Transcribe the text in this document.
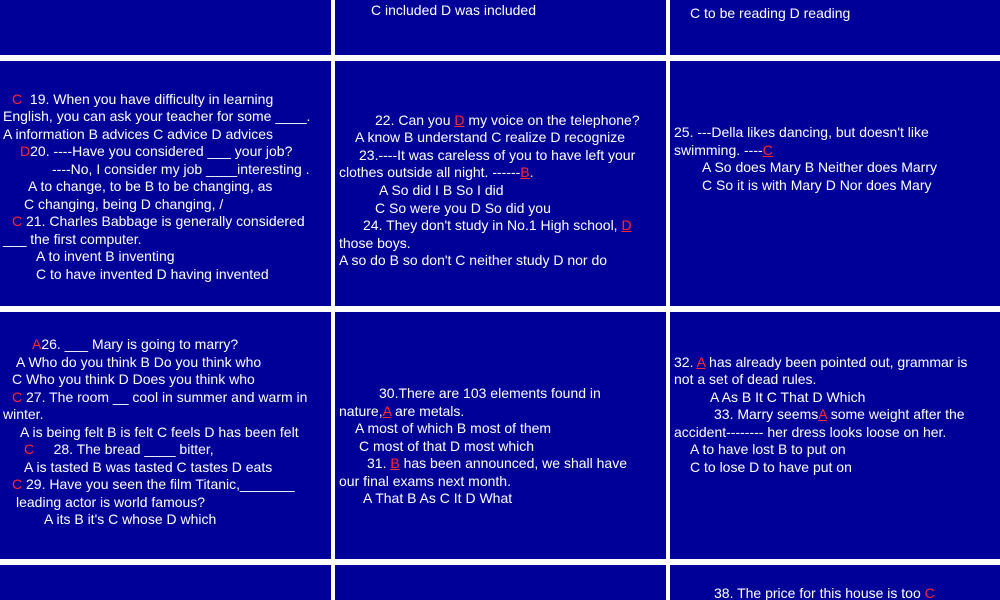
C included D was included	C to be reading D reading
C 19. When you have difficulty in learning
English, you can ask your teacher for some ____.
A information B advices C advice D advices
D20. ----Have you considered ___ your job?
----No, I consider my job ____interesting .
A to change, to be B to be changing, as
C changing, being D changing, /
C 21. Charles Babbage is generally considered
___ the first computer.
A to invent B inventing
C to have invented D having invented
22. Can you D my voice on the telephone?
A know B understand C realize D recognize
23.----It was careless of you to have left your
clothes outside all night. ------B.
A So did I B So I did
C So were you D So did you
24. They don't study in No.1 High school, D
those boys.
A so do B so don't C neither study D nor do
25. ---Della likes dancing, but doesn't like
swimming. ----C
A So does Mary B Neither does Marry
C So it is with Mary D Nor does Mary
A26. ___ Mary is going to marry?
A Who do you think B Do you think who
C Who you think D Does you think who
C 27. The room __ cool in summer and warm in
winter.
A is being felt B is felt C feels D has been felt
C 28. The bread ____ bitter,
A is tasted B was tasted C tastes D eats
C 29. Have you seen the film Titanic,_______
leading actor is world famous?
A its B it's C whose D which
30.There are 103 elements found in
nature,A are metals.
A most of which B most of them
C most of that D most which
31. B has been announced, we shall have
our final exams next month.
A That B As C It D What
32. A has already been pointed out, grammar is
not a set of dead rules.
A As B It C That D Which
33. Marry seemsA some weight after the
accident-------- her dress looks loose on her.
A to have lost B to put on
C to lose D to have put on
38. The price for this house is too C
